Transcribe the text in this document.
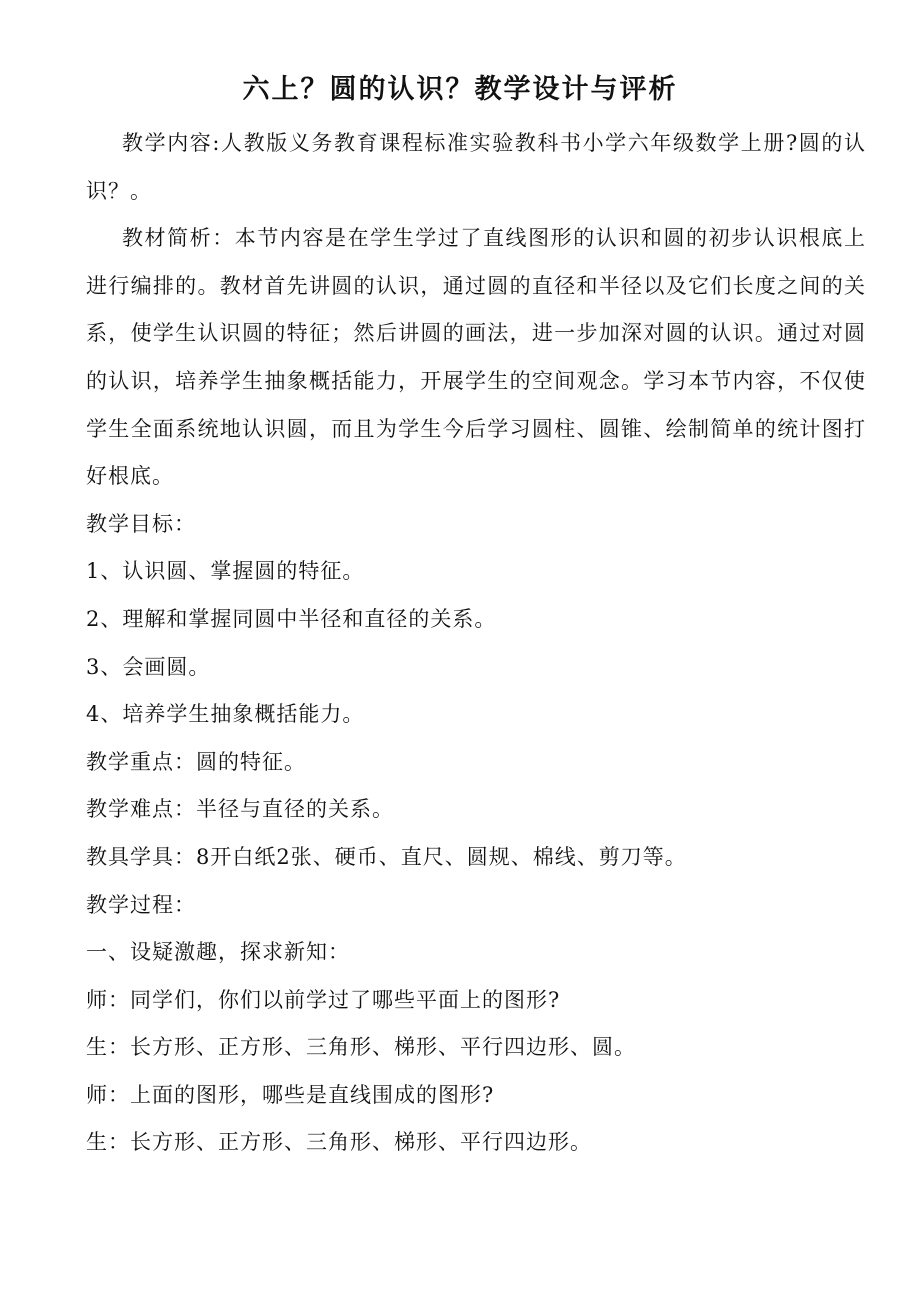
六上？圆的认识？教学设计与评析

教学内容:人教版义务教育课程标准实验教科书小学六年级数学上册?圆的认识？。

教材简析：本节内容是在学生学过了直线图形的认识和圆的初步认识根底上进行编排的。教材首先讲圆的认识，通过圆的直径和半径以及它们长度之间的关系，使学生认识圆的特征；然后讲圆的画法，进一步加深对圆的认识。通过对圆的认识，培养学生抽象概括能力，开展学生的空间观念。学习本节内容，不仅使学生全面系统地认识圆，而且为学生今后学习圆柱、圆锥、绘制简单的统计图打好根底。

教学目标：

1、认识圆、掌握圆的特征。

2、理解和掌握同圆中半径和直径的关系。

3、会画圆。

4、培养学生抽象概括能力。

教学重点：圆的特征。

教学难点：半径与直径的关系。

教具学具：8开白纸2张、硬币、直尺、圆规、棉线、剪刀等。

教学过程：

一、设疑激趣，探求新知：

师：同学们，你们以前学过了哪些平面上的图形?

生：长方形、正方形、三角形、梯形、平行四边形、圆。

师：上面的图形，哪些是直线围成的图形?

生：长方形、正方形、三角形、梯形、平行四边形。
